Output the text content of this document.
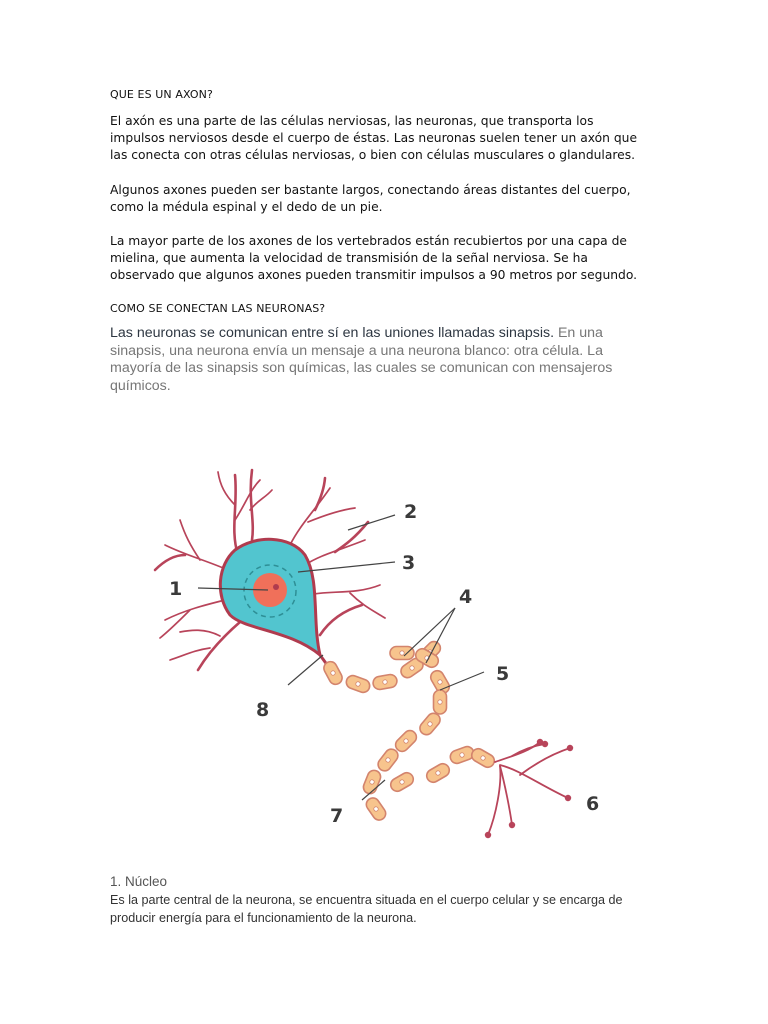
QUE ES UN AXON?

El axón es una parte de las células nerviosas, las neuronas, que transporta los impulsos nerviosos desde el cuerpo de éstas. Las neuronas suelen tener un axón que las conecta con otras células nerviosas, o bien con células musculares o glandulares.

Algunos axones pueden ser bastante largos, conectando áreas distantes del cuerpo, como la médula espinal y el dedo de un pie.

La mayor parte de los axones de los vertebrados están recubiertos por una capa de mielina, que aumenta la velocidad de transmisión de la señal nerviosa. Se ha observado que algunos axones pueden transmitir impulsos a 90 metros por segundo.

COMO SE CONECTAN LAS NEURONAS?

Las neuronas se comunican entre sí en las uniones llamadas sinapsis. En una sinapsis, una neurona envía un mensaje a una neurona blanco: otra célula. La mayoría de las sinapsis son químicas, las cuales se comunican con mensajeros químicos.

1. Núcleo
Es la parte central de la neurona, se encuentra situada en el cuerpo celular y se encarga de producir energía para el funcionamiento de la neurona.
1
2
3
4
5
6
7
8
